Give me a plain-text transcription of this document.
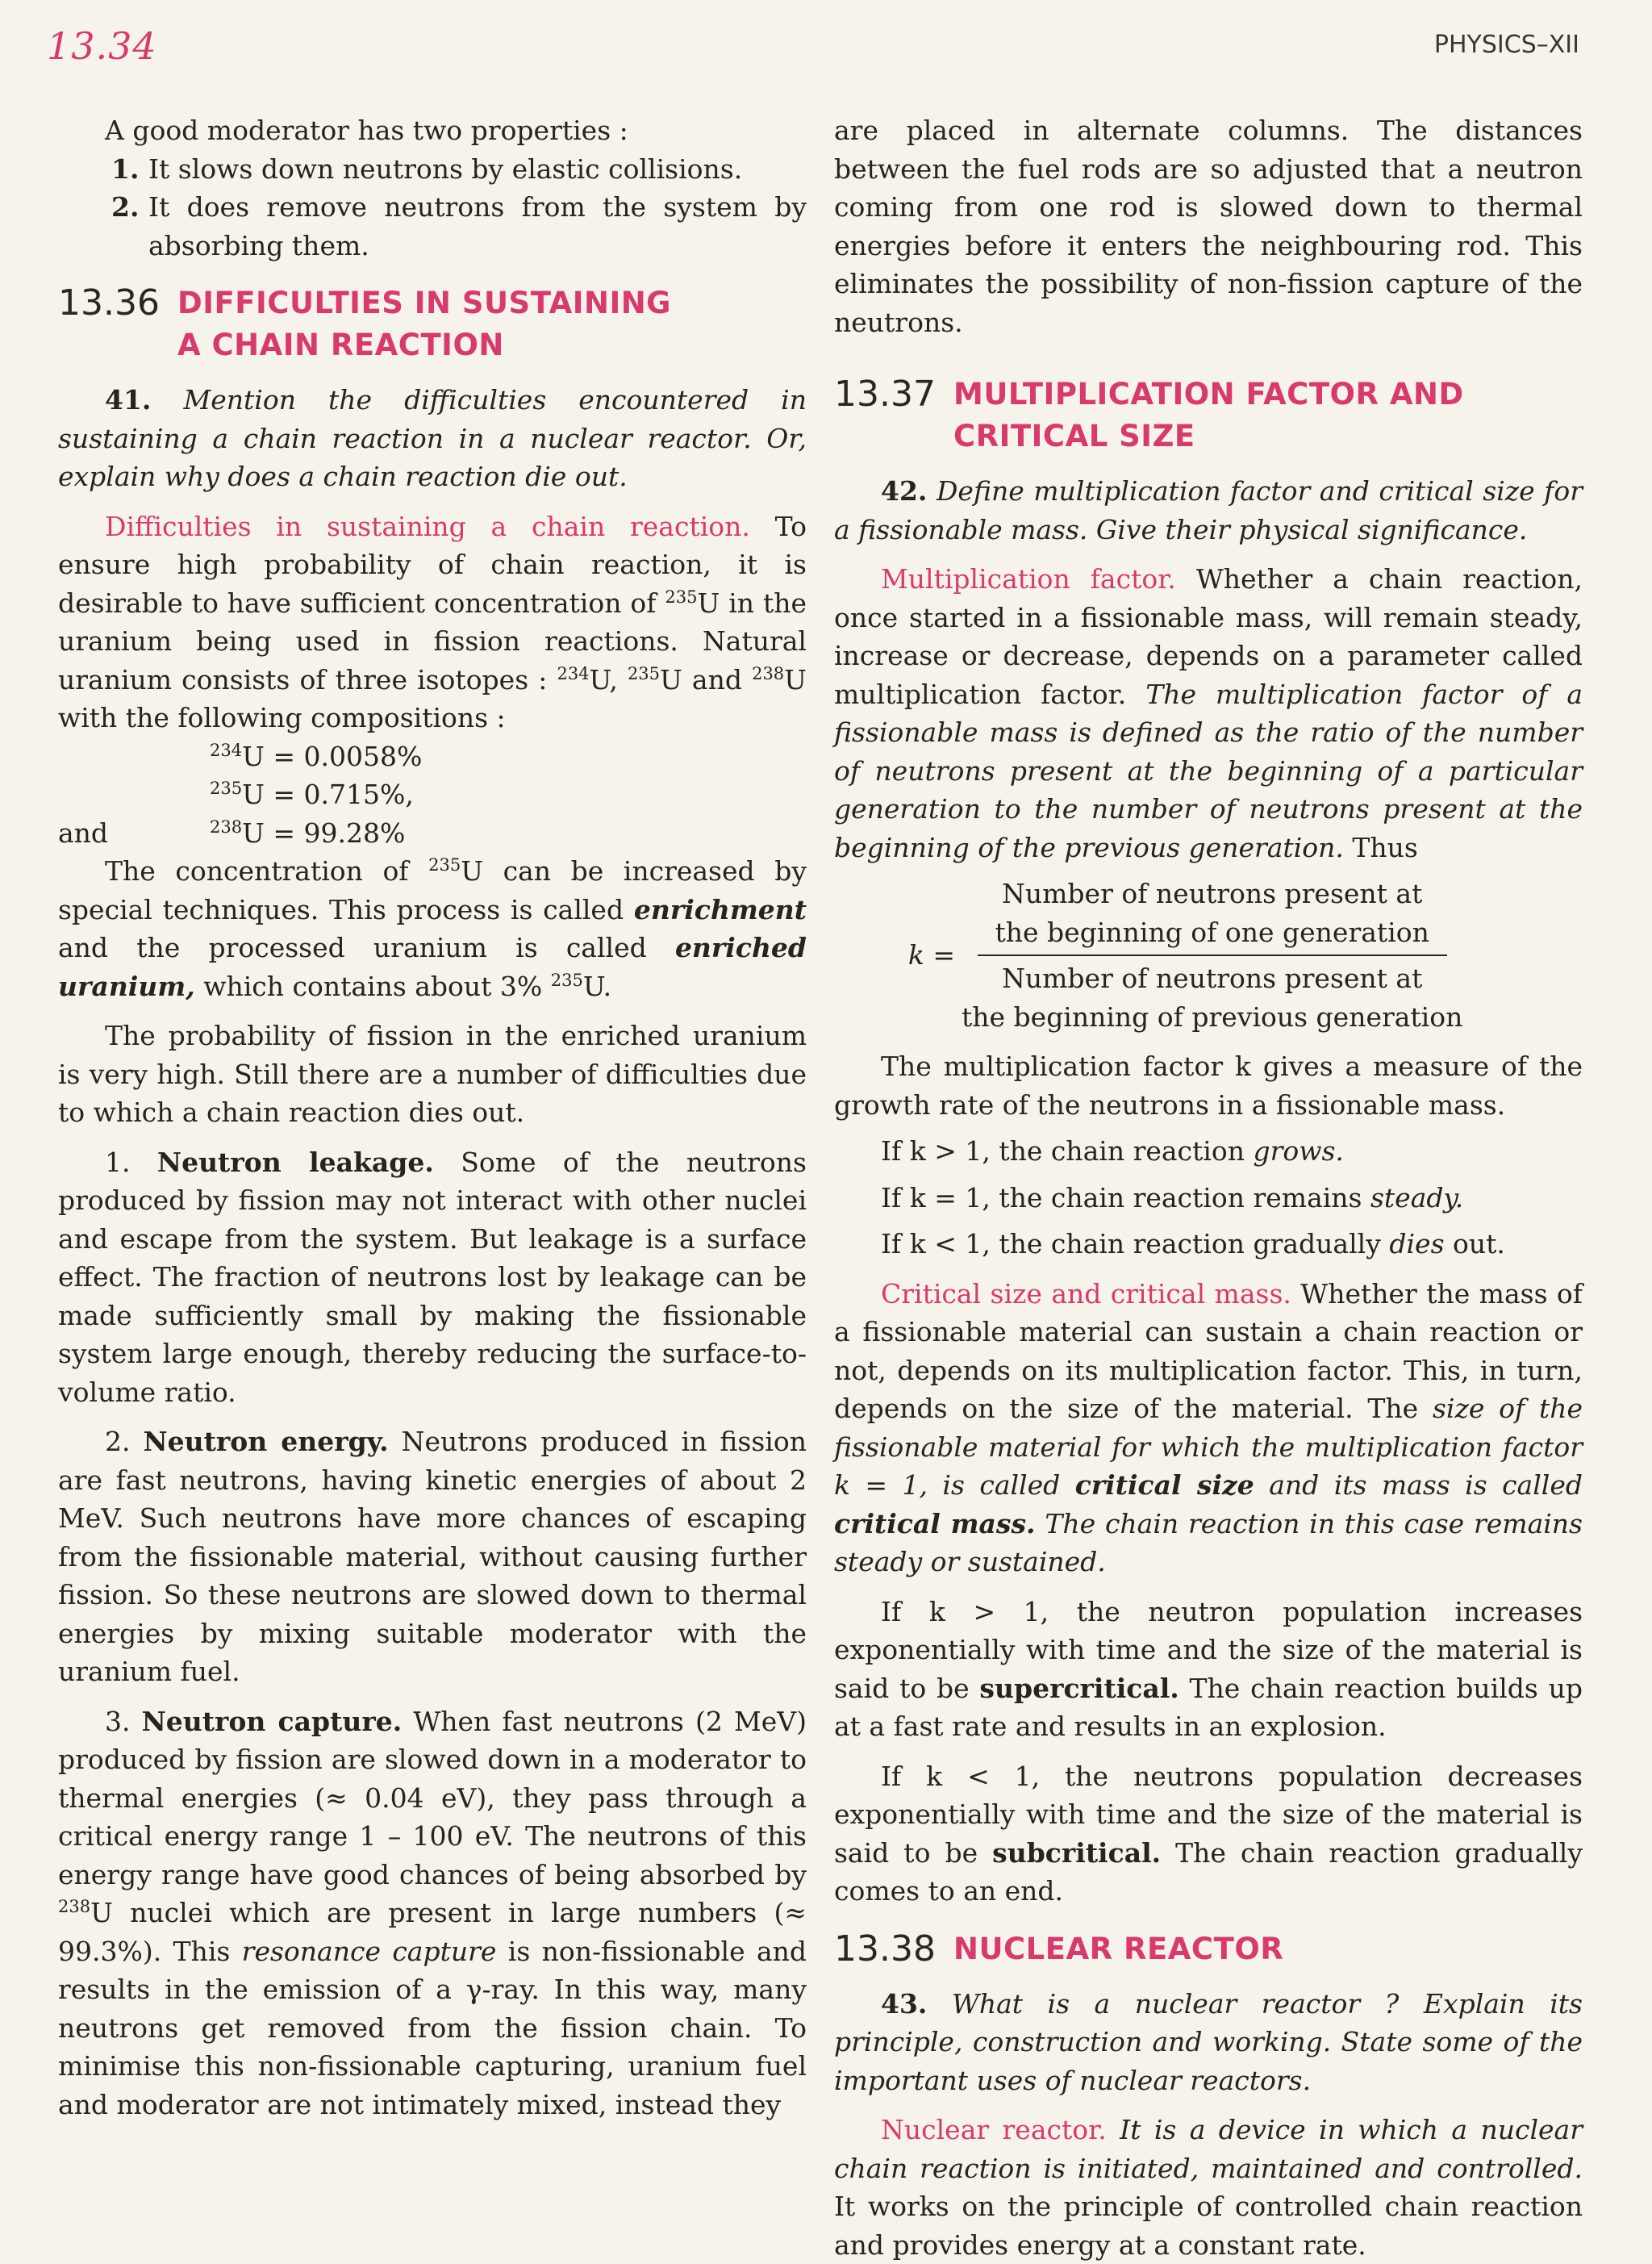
13.34	PHYSICS–XII

A good moderator has two properties :

1. It slows down neutrons by elastic collisions.
2. It does remove neutrons from the system by absorbing them.
13.36 DIFFICULTIES IN SUSTAINING
A CHAIN REACTION

41. Mention the difficulties encountered in sustaining a chain reaction in a nuclear reactor. Or, explain why does a chain reaction die out.

Difficulties in sustaining a chain reaction. To ensure high probability of chain reaction, it is desirable to have sufficient concentration of $^{235}$U in the uranium being used in fission reactions. Natural uranium consists of three isotopes : $^{234}$U, $^{235}$U and $^{238}$U with the following compositions :

$^{234}$U = 0.0058%
$^{235}$U = 0.715%,
and	$^{238}$U = 99.28%

The concentration of $^{235}$U can be increased by special techniques. This process is called enrichment and the processed uranium is called enriched uranium, which contains about 3% $^{235}$U.

The probability of fission in the enriched uranium is very high. Still there are a number of difficulties due to which a chain reaction dies out.

1. Neutron leakage. Some of the neutrons produced by fission may not interact with other nuclei and escape from the system. But leakage is a surface effect. The fraction of neutrons lost by leakage can be made sufficiently small by making the fissionable system large enough, thereby reducing the surface-to-volume ratio.

2. Neutron energy. Neutrons produced in fission are fast neutrons, having kinetic energies of about 2 MeV. Such neutrons have more chances of escaping from the fissionable material, without causing further fission. So these neutrons are slowed down to thermal energies by mixing suitable moderator with the uranium fuel.

3. Neutron capture. When fast neutrons (2 MeV) produced by fission are slowed down in a moderator to thermal energies (≈ 0.04 eV), they pass through a critical energy range 1 – 100 eV. The neutrons of this energy range have good chances of being absorbed by $^{238}$U nuclei which are present in large numbers (≈ 99.3%). This resonance capture is non-fissionable and results in the emission of a γ-ray. In this way, many neutrons get removed from the fission chain. To minimise this non-fissionable capturing, uranium fuel and moderator are not intimately mixed, instead they

are placed in alternate columns. The distances between the fuel rods are so adjusted that a neutron coming from one rod is slowed down to thermal energies before it enters the neighbouring rod. This eliminates the possibility of non-fission capture of the neutrons.

13.37 MULTIPLICATION FACTOR AND
CRITICAL SIZE

42. Define multiplication factor and critical size for a fissionable mass. Give their physical significance.

Multiplication factor. Whether a chain reaction, once started in a fissionable mass, will remain steady, increase or decrease, depends on a parameter called multiplication factor. The multiplication factor of a fissionable mass is defined as the ratio of the number of neutrons present at the beginning of a particular generation to the number of neutrons present at the beginning of the previous generation. Thus

k =
Number of neutrons present at
the beginning of one generation
Number of neutrons present at
the beginning of previous generation

The multiplication factor k gives a measure of the growth rate of the neutrons in a fissionable mass.

If k > 1, the chain reaction grows.

If k = 1, the chain reaction remains steady.

If k < 1, the chain reaction gradually dies out.

Critical size and critical mass. Whether the mass of a fissionable material can sustain a chain reaction or not, depends on its multiplication factor. This, in turn, depends on the size of the material. The size of the fissionable material for which the multiplication factor k = 1, is called critical size and its mass is called critical mass. The chain reaction in this case remains steady or sustained.

If k > 1, the neutron population increases exponentially with time and the size of the material is said to be supercritical. The chain reaction builds up at a fast rate and results in an explosion.

If k < 1, the neutrons population decreases exponentially with time and the size of the material is said to be subcritical. The chain reaction gradually comes to an end.

13.38 NUCLEAR REACTOR

43. What is a nuclear reactor ? Explain its principle, construction and working. State some of the important uses of nuclear reactors.

Nuclear reactor. It is a device in which a nuclear chain reaction is initiated, maintained and controlled. It works on the principle of controlled chain reaction and provides energy at a constant rate.
